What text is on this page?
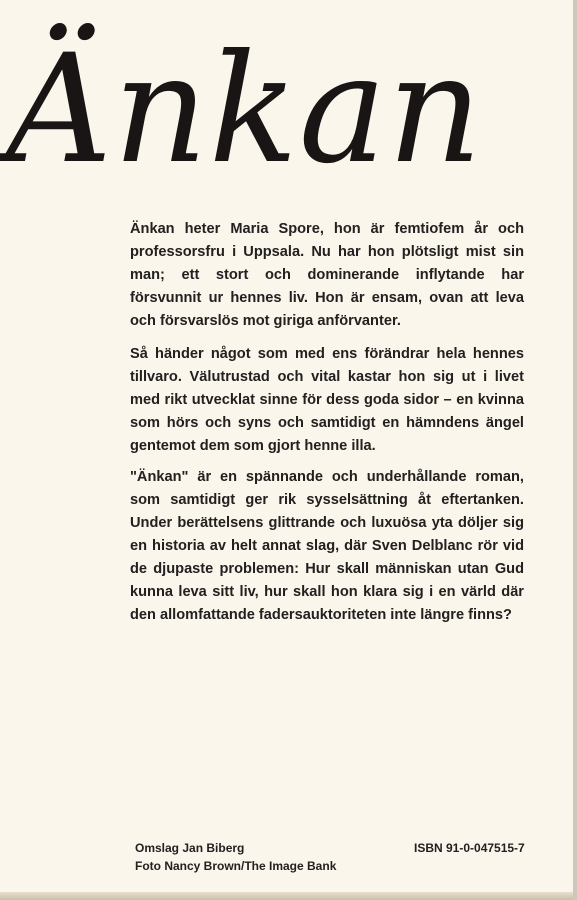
Änkan

Änkan heter Maria Spore, hon är femtiofem år och professorsfru i Uppsala. Nu har hon plötsligt mist sin man; ett stort och dominerande inflytande har försvunnit ur hennes liv. Hon är ensam, ovan att leva och försvarslös mot giriga anförvanter.

Så händer något som med ens förändrar hela hennes tillvaro. Välutrustad och vital kastar hon sig ut i livet med rikt utvecklat sinne för dess goda sidor – en kvinna som hörs och syns och samtidigt en hämndens ängel gentemot dem som gjort henne illa.

"Änkan" är en spännande och underhållande roman, som samtidigt ger rik sysselsättning åt eftertanken. Under berättelsens glittrande och luxuösa yta döljer sig en historia av helt annat slag, där Sven Delblanc rör vid de djupaste problemen: Hur skall människan utan Gud kunna leva sitt liv, hur skall hon klara sig i en värld där den allomfattande fadersauktoriteten inte längre finns?

Omslag Jan Biberg
Foto Nancy Brown/The Image Bank
ISBN 91-0-047515-7
